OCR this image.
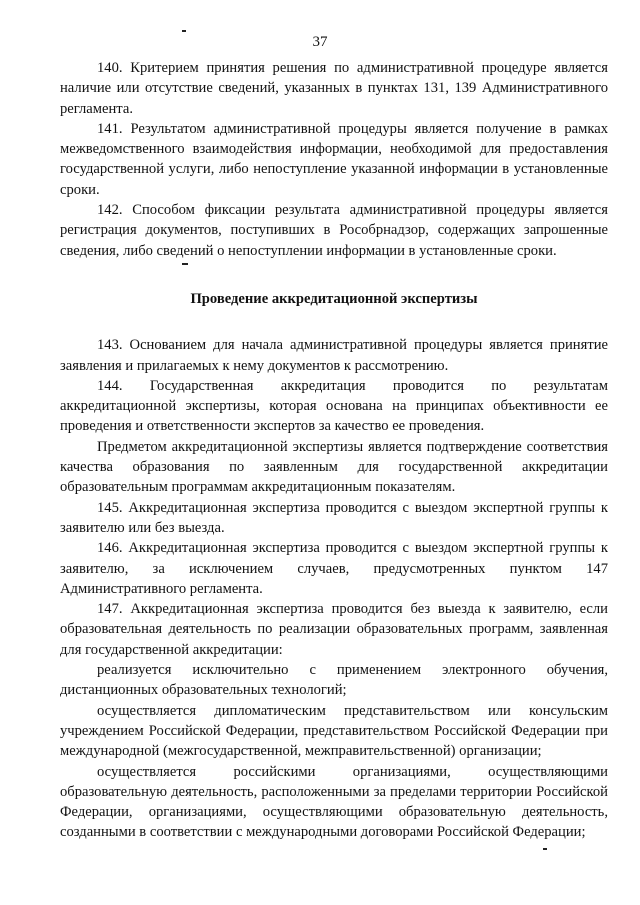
37

140. Критерием принятия решения по административной процедуре является наличие или отсутствие сведений, указанных в пунктах 131, 139 Административного регламента.

141. Результатом административной процедуры является получение в рамках межведомственного взаимодействия информации, необходимой для предоставления государственной услуги, либо непоступление указанной информации в установленные сроки.

142. Способом фиксации результата административной процедуры является регистрация документов, поступивших в Рособрнадзор, содержащих запрошенные сведения, либо сведений о непоступлении информации в установленные сроки.

Проведение аккредитационной экспертизы

143. Основанием для начала административной процедуры является принятие заявления и прилагаемых к нему документов к рассмотрению.

144. Государственная аккредитация проводится по результатам аккредитационной экспертизы, которая основана на принципах объективности ее проведения и ответственности экспертов за качество ее проведения.

Предметом аккредитационной экспертизы является подтверждение соответствия качества образования по заявленным для государственной аккредитации образовательным программам аккредитационным показателям.

145. Аккредитационная экспертиза проводится с выездом экспертной группы к заявителю или без выезда.

146. Аккредитационная экспертиза проводится с выездом экспертной группы к заявителю, за исключением случаев, предусмотренных пунктом 147 Административного регламента.

147. Аккредитационная экспертиза проводится без выезда к заявителю, если образовательная деятельность по реализации образовательных программ, заявленная для государственной аккредитации:

реализуется исключительно с применением электронного обучения, дистанционных образовательных технологий;

осуществляется дипломатическим представительством или консульским учреждением Российской Федерации, представительством Российской Федерации при международной (межгосударственной, межправительственной) организации;

осуществляется российскими организациями, осуществляющими образовательную деятельность, расположенными за пределами территории Российской Федерации, организациями, осуществляющими образовательную деятельность, созданными в соответствии с международными договорами Российской Федерации;
